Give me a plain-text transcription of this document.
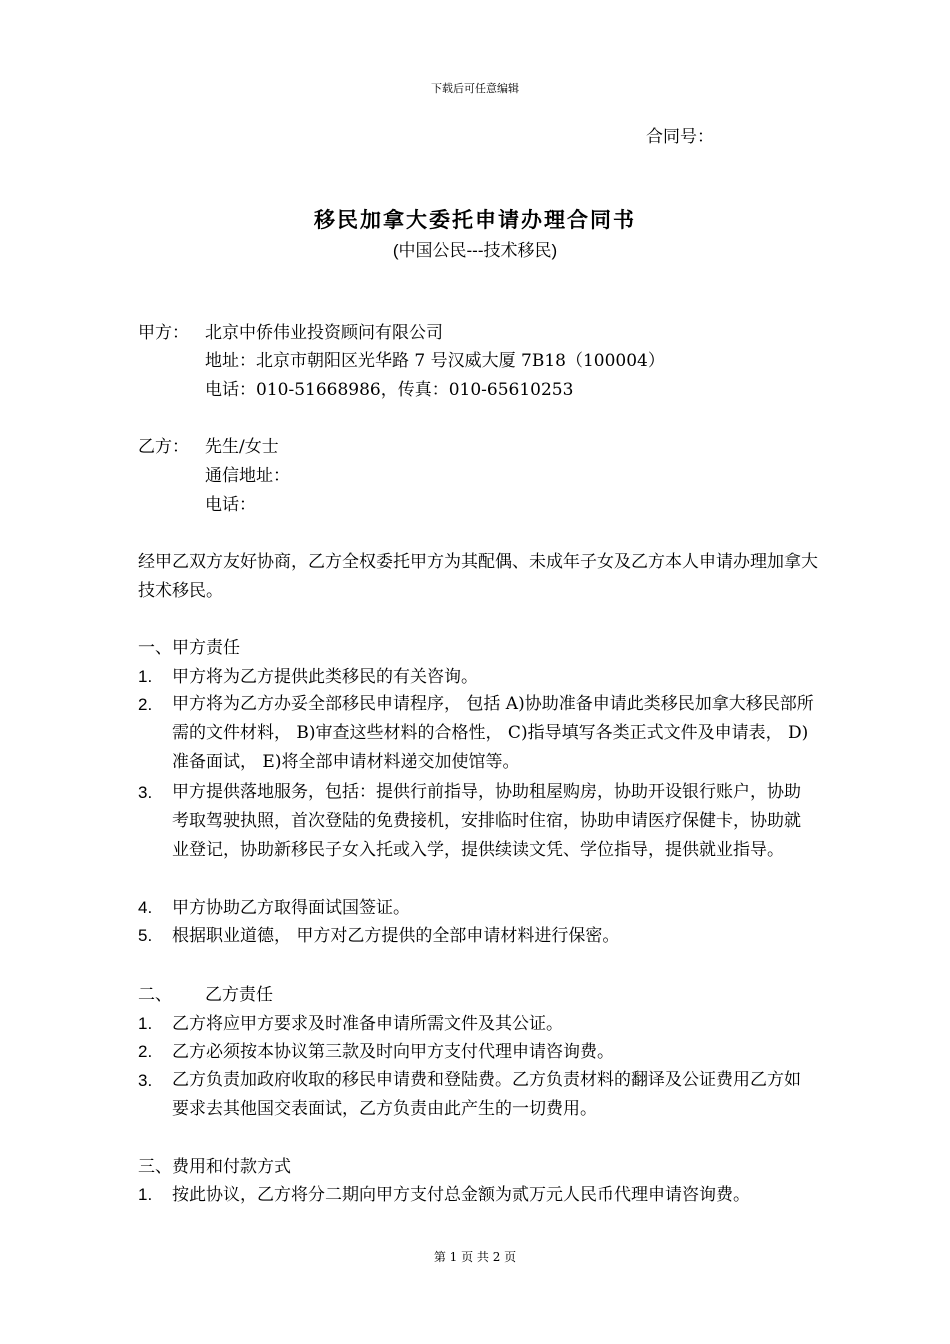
下载后可任意编辑
合同号：
移民加拿大委托申请办理合同书
(中国公民---技术移民)
甲方： 北京中侨伟业投资顾问有限公司
地址：北京市朝阳区光华路 7 号汉威大厦 7B18（100004）
电话：010-51668986，传真：010-65610253
乙方： 先生/女士
通信地址：
电话：
经甲乙双方友好协商，乙方全权委托甲方为其配偶、未成年子女及乙方本人申请办理加拿大技术移民。
一、甲方责任
1. 甲方将为乙方提供此类移民的有关咨询。
2. 甲方将为乙方办妥全部移民申请程序， 包括 A)协助准备申请此类移民加拿大移民部所需的文件材料， B)审查这些材料的合格性， C)指导填写各类正式文件及申请表， D)准备面试， E)将全部申请材料递交加使馆等。
3. 甲方提供落地服务，包括：提供行前指导，协助租屋购房，协助开设银行账户，协助考取驾驶执照，首次登陆的免费接机，安排临时住宿，协助申请医疗保健卡，协助就业登记，协助新移民子女入托或入学，提供续读文凭、学位指导，提供就业指导。
4. 甲方协助乙方取得面试国签证。
5. 根据职业道德， 甲方对乙方提供的全部申请材料进行保密。
二、 乙方责任
1. 乙方将应甲方要求及时准备申请所需文件及其公证。
2. 乙方必须按本协议第三款及时向甲方支付代理申请咨询费。
3. 乙方负责加政府收取的移民申请费和登陆费。乙方负责材料的翻译及公证费用乙方如要求去其他国交表面试，乙方负责由此产生的一切费用。
三、费用和付款方式
1. 按此协议，乙方将分二期向甲方支付总金额为贰万元人民币代理申请咨询费。
第 1 页 共 2 页
